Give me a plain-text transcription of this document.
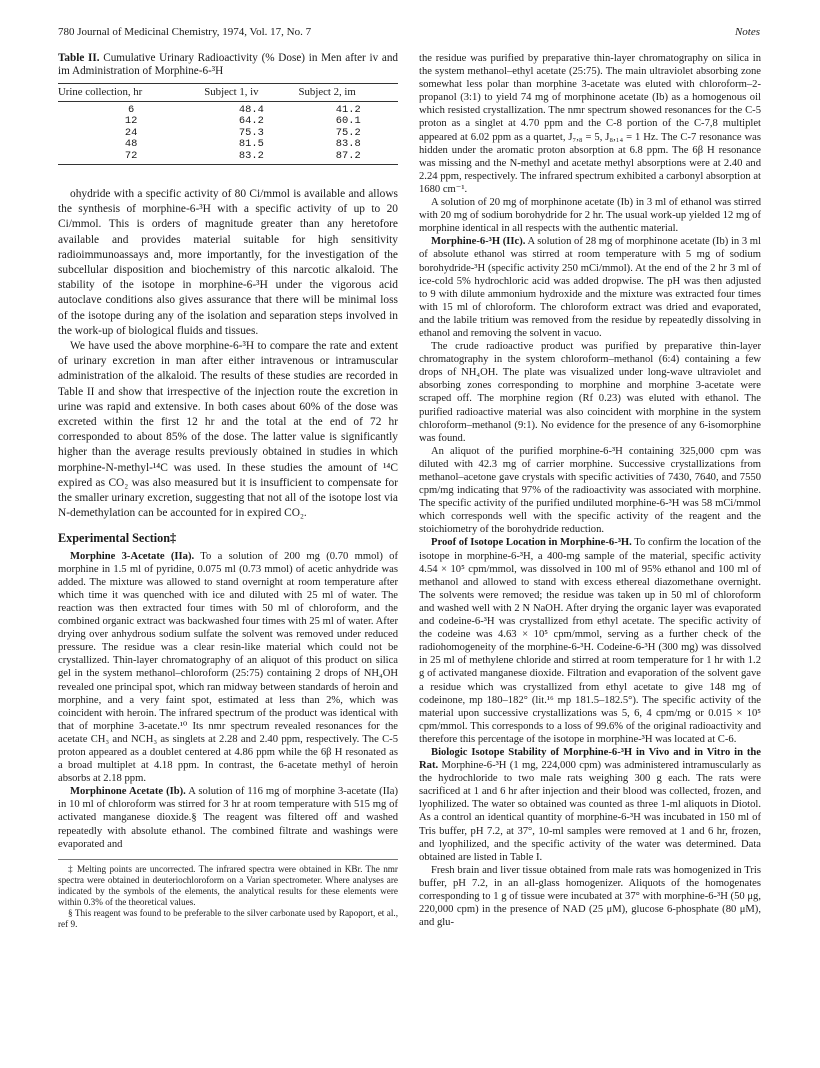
780 Journal of Medicinal Chemistry, 1974, Vol. 17, No. 7	Notes

Table II. Cumulative Urinary Radioactivity (% Dose) in Men after iv and im Administration of Morphine-6-³H

Urine collection, hr	Subject 1, iv	Subject 2, im
6	48.4	41.2
12	64.2	60.1
24	75.3	75.2
48	81.5	83.8
72	83.2	87.2

ohydride with a specific activity of 80 Ci/mmol is available and allows the synthesis of morphine-6-³H with a specific activity of up to 20 Ci/mmol. This is orders of magnitude greater than any heretofore available and provides material suitable for high sensitivity radioimmunoassays and, more importantly, for the investigation of the subcellular disposition and biochemistry of this narcotic alkaloid. The stability of the isotope in morphine-6-³H under the vigorous acid autoclave conditions also gives assurance that there will be minimal loss of the isotope during any of the isolation and separation steps involved in the work-up of biological fluids and tissues.

We have used the above morphine-6-³H to compare the rate and extent of urinary excretion in man after either intravenous or intramuscular administration of the alkaloid. The results of these studies are recorded in Table II and show that irrespective of the injection route the excretion in urine was rapid and extensive. In both cases about 60% of the dose was excreted within the first 12 hr and the total at the end of 72 hr corresponded to about 85% of the dose. The latter value is significantly higher than the average results previously obtained in studies in which morphine-N-methyl-¹⁴C was used. In these studies the amount of ¹⁴C expired as CO₂ was also measured but it is insufficient to compensate for the smaller urinary excretion, suggesting that not all of the isotope lost via N-demethylation can be accounted for in expired CO₂.

Experimental Section‡

Morphine 3-Acetate (IIa). To a solution of 200 mg (0.70 mmol) of morphine in 1.5 ml of pyridine, 0.075 ml (0.73 mmol) of acetic anhydride was added. The mixture was allowed to stand overnight at room temperature after which time it was quenched with ice and diluted with 25 ml of water. The reaction was then extracted four times with 50 ml of chloroform, and the combined organic extract was backwashed four times with 25 ml of water. After drying over anhydrous sodium sulfate the solvent was removed under reduced pressure. The residue was a clear resin-like material which could not be crystallized. Thin-layer chromatography of an aliquot of this product on silica gel in the system methanol–chloroform (25:75) containing 2 drops of NH₄OH revealed one principal spot, which ran midway between standards of heroin and morphine, and a very faint spot, estimated at less than 2%, which was coincident with heroin. The infrared spectrum of the product was identical with that of morphine 3-acetate.¹⁰ Its nmr spectrum revealed resonances for the acetate CH₃ and NCH₃ as singlets at 2.28 and 2.40 ppm, respectively. The C-5 proton appeared as a doublet centered at 4.86 ppm while the 6β H resonated as a broad multiplet at 4.18 ppm. In contrast, the 6-acetate methyl of heroin absorbs at 2.18 ppm.

Morphinone Acetate (Ib). A solution of 116 mg of morphine 3-acetate (IIa) in 10 ml of chloroform was stirred for 3 hr at room temperature with 515 mg of activated manganese dioxide.§ The reagent was filtered off and washed repeatedly with absolute ethanol. The combined filtrate and washings were evaporated and

‡ Melting points are uncorrected. The infrared spectra were obtained in KBr. The nmr spectra were obtained in deuteriochloroform on a Varian spectrometer. Where analyses are indicated by the symbols of the elements, the analytical results for these elements were within 0.3% of the theoretical values.

§ This reagent was found to be preferable to the silver carbonate used by Rapoport, et al., ref 9.

the residue was purified by preparative thin-layer chromatography on silica in the system methanol–ethyl acetate (25:75). The main ultraviolet absorbing zone somewhat less polar than morphine 3-acetate was eluted with chloroform–2-propanol (3:1) to yield 74 mg of morphinone acetate (Ib) as a homogenous oil which resisted crystallization. The nmr spectrum showed resonances for the C-5 proton as a singlet at 4.70 ppm and the C-8 portion of the C-7,8 multiplet appeared at 6.02 ppm as a quartet, J₇,₈ = 5, J₈,₁₄ = 1 Hz. The C-7 resonance was hidden under the aromatic proton absorption at 6.8 ppm. The 6β H resonance was missing and the N-methyl and acetate methyl absorptions were at 2.40 and 2.24 ppm, respectively. The infrared spectrum exhibited a carbonyl absorption at 1680 cm⁻¹.

A solution of 20 mg of morphinone acetate (Ib) in 3 ml of ethanol was stirred with 20 mg of sodium borohydride for 2 hr. The usual work-up yielded 12 mg of morphine identical in all respects with the authentic material.

Morphine-6-³H (IIc). A solution of 28 mg of morphinone acetate (Ib) in 3 ml of absolute ethanol was stirred at room temperature with 5 mg of sodium borohydride-³H (specific activity 250 mCi/mmol). At the end of the 2 hr 3 ml of ice-cold 5% hydrochloric acid was added dropwise. The pH was then adjusted to 9 with dilute ammonium hydroxide and the mixture was extracted four times with 15 ml of chloroform. The chloroform extract was dried and evaporated, and the labile tritium was removed from the residue by repeatedly dissolving in ethanol and removing the solvent in vacuo.

The crude radioactive product was purified by preparative thin-layer chromatography in the system chloroform–methanol (6:4) containing a few drops of NH₄OH. The plate was visualized under long-wave ultraviolet and absorbing zones corresponding to morphine and morphine 3-acetate were scraped off. The morphine region (Rf 0.23) was eluted with ethanol. The purified radioactive material was also coincident with morphine in the system chloroform–methanol (9:1). No evidence for the presence of any 6-isomorphine was found.

An aliquot of the purified morphine-6-³H containing 325,000 cpm was diluted with 42.3 mg of carrier morphine. Successive crystallizations from methanol–acetone gave crystals with specific activities of 7430, 7640, and 7550 cpm/mg indicating that 97% of the radioactivity was associated with morphine. The specific activity of the purified undiluted morphine-6-³H was 58 mCi/mmol which corresponds well with the specific activity of the reagent and the stoichiometry of the borohydride reduction.

Proof of Isotope Location in Morphine-6-³H. To confirm the location of the isotope in morphine-6-³H, a 400-mg sample of the material, specific activity 4.54 × 10⁵ cpm/mmol, was dissolved in 100 ml of 95% ethanol and 100 ml of methanol and allowed to stand with excess ethereal diazomethane overnight. The solvents were removed; the residue was taken up in 50 ml of chloroform and washed well with 2 N NaOH. After drying the organic layer was evaporated and codeine-6-³H was crystallized from ethyl acetate. The specific activity of the codeine was 4.63 × 10⁵ cpm/mmol, serving as a further check of the radiohomogeneity of the morphine-6-³H. Codeine-6-³H (300 mg) was dissolved in 25 ml of methylene chloride and stirred at room temperature for 1 hr with 1.2 g of activated manganese dioxide. Filtration and evaporation of the solvent gave a residue which was crystallized from ethyl acetate to give 148 mg of codeinone, mp 180–182° (lit.¹⁶ mp 181.5–182.5°). The specific activity of the material upon successive crystallizations was 5, 6, 4 cpm/mg or 0.015 × 10⁵ cpm/mmol. This corresponds to a loss of 99.6% of the original radioactivity and therefore this percentage of the isotope in morphine-³H was located at C-6.

Biologic Isotope Stability of Morphine-6-³H in Vivo and in Vitro in the Rat. Morphine-6-³H (1 mg, 224,000 cpm) was administered intramuscularly as the hydrochloride to two male rats weighing 300 g each. The rats were sacrificed at 1 and 6 hr after injection and their blood was collected, frozen, and lyophilized. The water so obtained was counted as three 1-ml aliquots in Diotol. As a control an identical quantity of morphine-6-³H was incubated in 150 ml of Tris buffer, pH 7.2, at 37°, 10-ml samples were removed at 1 and 6 hr, frozen, and lyophilized, and the specific activity of the water was determined. Data obtained are listed in Table I.

Fresh brain and liver tissue obtained from male rats was homogenized in Tris buffer, pH 7.2, in an all-glass homogenizer. Aliquots of the homogenates corresponding to 1 g of tissue were incubated at 37° with morphine-6-³H (50 μg, 220,000 cpm) in the presence of NAD (25 μM), glucose 6-phosphate (80 μM), and glu-
